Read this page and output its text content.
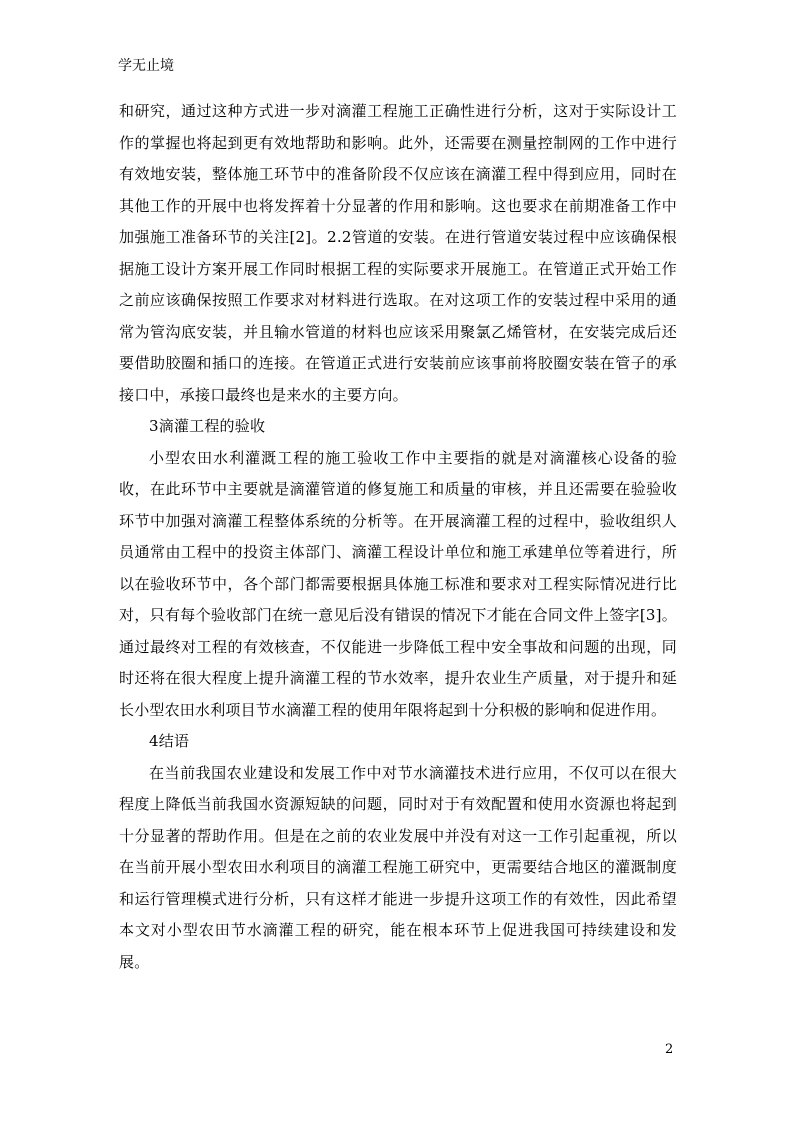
学无止境

和研究，通过这种方式进一步对滴灌工程施工正确性进行分析，这对于实际设计工作的掌握也将起到更有效地帮助和影响。此外，还需要在测量控制网的工作中进行有效地安装，整体施工环节中的准备阶段不仅应该在滴灌工程中得到应用，同时在其他工作的开展中也将发挥着十分显著的作用和影响。这也要求在前期准备工作中加强施工准备环节的关注[2]。2.2管道的安装。在进行管道安装过程中应该确保根据施工设计方案开展工作同时根据工程的实际要求开展施工。在管道正式开始工作之前应该确保按照工作要求对材料进行选取。在对这项工作的安装过程中采用的通常为管沟底安装，并且输水管道的材料也应该采用聚氯乙烯管材，在安装完成后还要借助胶圈和插口的连接。在管道正式进行安装前应该事前将胶圈安装在管子的承接口中，承接口最终也是来水的主要方向。

3滴灌工程的验收

小型农田水利灌溉工程的施工验收工作中主要指的就是对滴灌核心设备的验收，在此环节中主要就是滴灌管道的修复施工和质量的审核，并且还需要在验验收环节中加强对滴灌工程整体系统的分析等。在开展滴灌工程的过程中，验收组织人员通常由工程中的投资主体部门、滴灌工程设计单位和施工承建单位等着进行，所以在验收环节中，各个部门都需要根据具体施工标准和要求对工程实际情况进行比对，只有每个验收部门在统一意见后没有错误的情况下才能在合同文件上签字[3]。通过最终对工程的有效核查，不仅能进一步降低工程中安全事故和问题的出现，同时还将在很大程度上提升滴灌工程的节水效率，提升农业生产质量，对于提升和延长小型农田水利项目节水滴灌工程的使用年限将起到十分积极的影响和促进作用。

4结语

在当前我国农业建设和发展工作中对节水滴灌技术进行应用，不仅可以在很大程度上降低当前我国水资源短缺的问题，同时对于有效配置和使用水资源也将起到十分显著的帮助作用。但是在之前的农业发展中并没有对这一工作引起重视，所以在当前开展小型农田水利项目的滴灌工程施工研究中，更需要结合地区的灌溉制度和运行管理模式进行分析，只有这样才能进一步提升这项工作的有效性，因此希望本文对小型农田节水滴灌工程的研究，能在根本环节上促进我国可持续建设和发展。

2
